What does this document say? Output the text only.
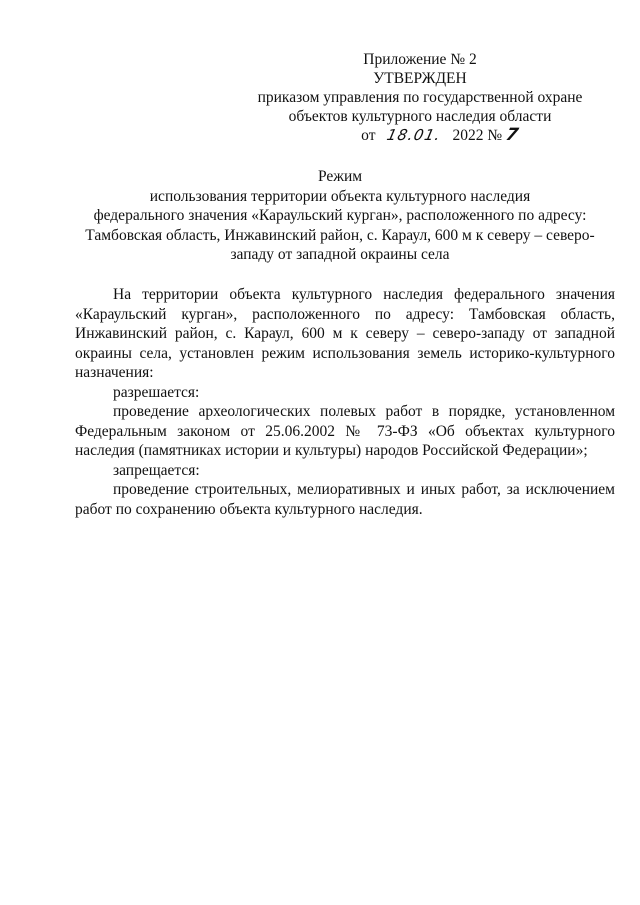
Приложение № 2
УТВЕРЖДЕН
приказом управления по государственной охране
объектов культурного наследия области
от 18.01. 2022 № 7
Режим
использования территории объекта культурного наследия
федерального значения «Караульский курган», расположенного по адресу:
Тамбовская область, Инжавинский район, с. Караул, 600 м к северу – северо-
западу от западной окраины села

На территории объекта культурного наследия федерального значения «Караульский курган», расположенного по адресу: Тамбовская область, Инжавинский район, с. Караул, 600 м к северу – северо-западу от западной окраины села, установлен режим использования земель историко-культурного назначения:

разрешается:

проведение археологических полевых работ в порядке, установленном Федеральным законом от 25.06.2002 № 73-ФЗ «Об объектах культурного наследия (памятниках истории и культуры) народов Российской Федерации»;

запрещается:

проведение строительных, мелиоративных и иных работ, за исключением работ по сохранению объекта культурного наследия.
